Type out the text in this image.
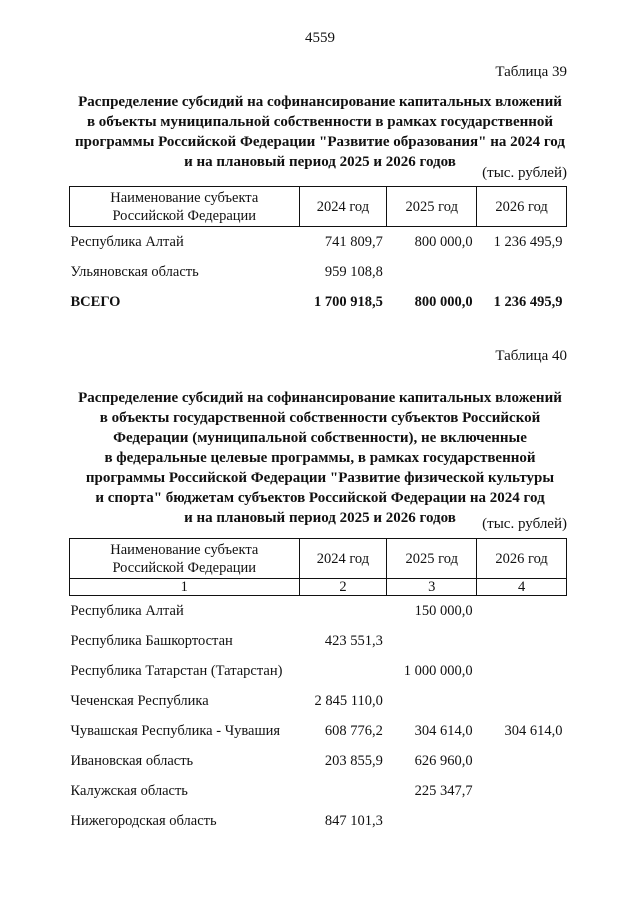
4559
Таблица 39
Распределение субсидий на софинансирование капитальных вложений
в объекты муниципальной собственности в рамках государственной
программы Российской Федерации "Развитие образования" на 2024 год
и на плановый период 2025 и 2026 годов
(тыс. рублей)
Наименование субъекта
Российской Федерации	2024 год	2025 год	2026 год
Республика Алтай	741 809,7	800 000,0	1 236 495,9
Ульяновская область	959 108,8		
ВСЕГО	1 700 918,5	800 000,0	1 236 495,9
Таблица 40
Распределение субсидий на софинансирование капитальных вложений
в объекты государственной собственности субъектов Российской
Федерации (муниципальной собственности), не включенные
в федеральные целевые программы, в рамках государственной
программы Российской Федерации "Развитие физической культуры
и спорта" бюджетам субъектов Российской Федерации на 2024 год
и на плановый период 2025 и 2026 годов	(тыс. рублей)
Наименование субъекта
Российской Федерации	2024 год	2025 год	2026 год
1	2	3	4
Республика Алтай		150 000,0	
Республика Башкортостан	423 551,3		
Республика Татарстан (Татарстан)		1 000 000,0	
Чеченская Республика	2 845 110,0		
Чувашская Республика - Чувашия	608 776,2	304 614,0	304 614,0
Ивановская область	203 855,9	626 960,0	
Калужская область		225 347,7	
Нижегородская область	847 101,3		
